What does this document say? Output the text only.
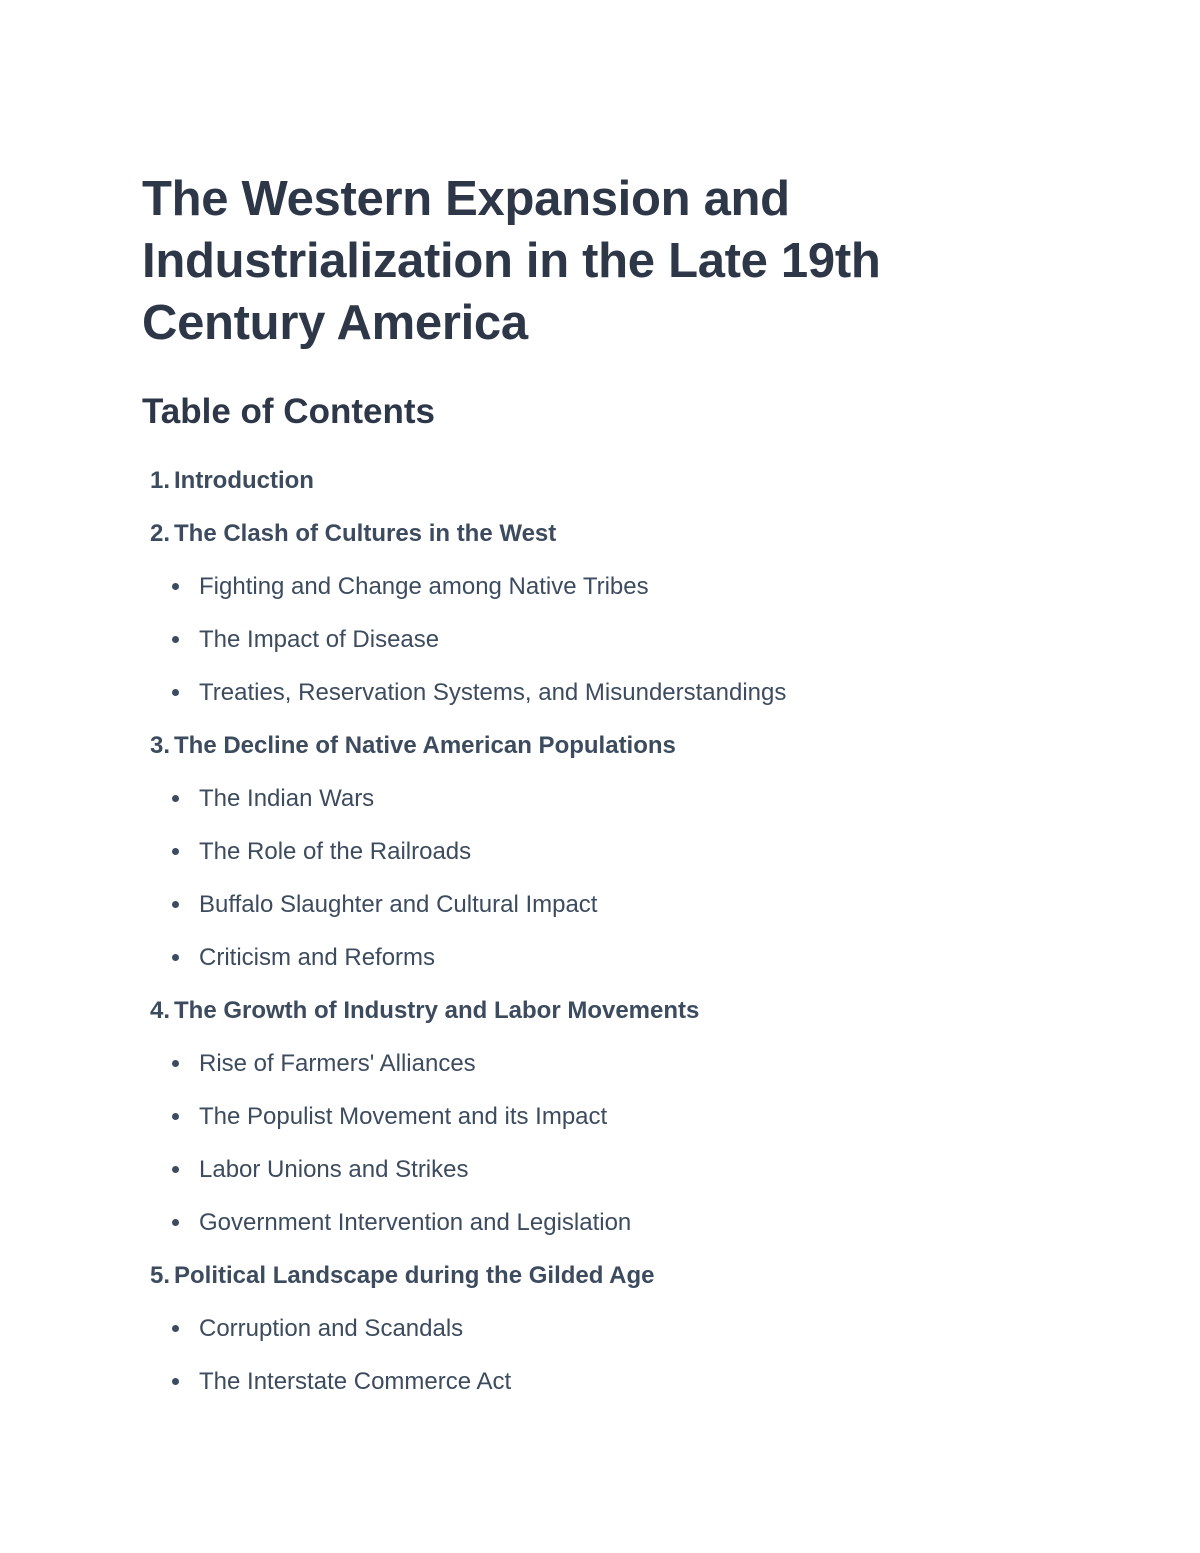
The Western Expansion and Industrialization in the Late 19th Century America
Table of Contents
1. Introduction
2. The Clash of Cultures in the West
Fighting and Change among Native Tribes
The Impact of Disease
Treaties, Reservation Systems, and Misunderstandings
3. The Decline of Native American Populations
The Indian Wars
The Role of the Railroads
Buffalo Slaughter and Cultural Impact
Criticism and Reforms
4. The Growth of Industry and Labor Movements
Rise of Farmers' Alliances
The Populist Movement and its Impact
Labor Unions and Strikes
Government Intervention and Legislation
5. Political Landscape during the Gilded Age
Corruption and Scandals
The Interstate Commerce Act
